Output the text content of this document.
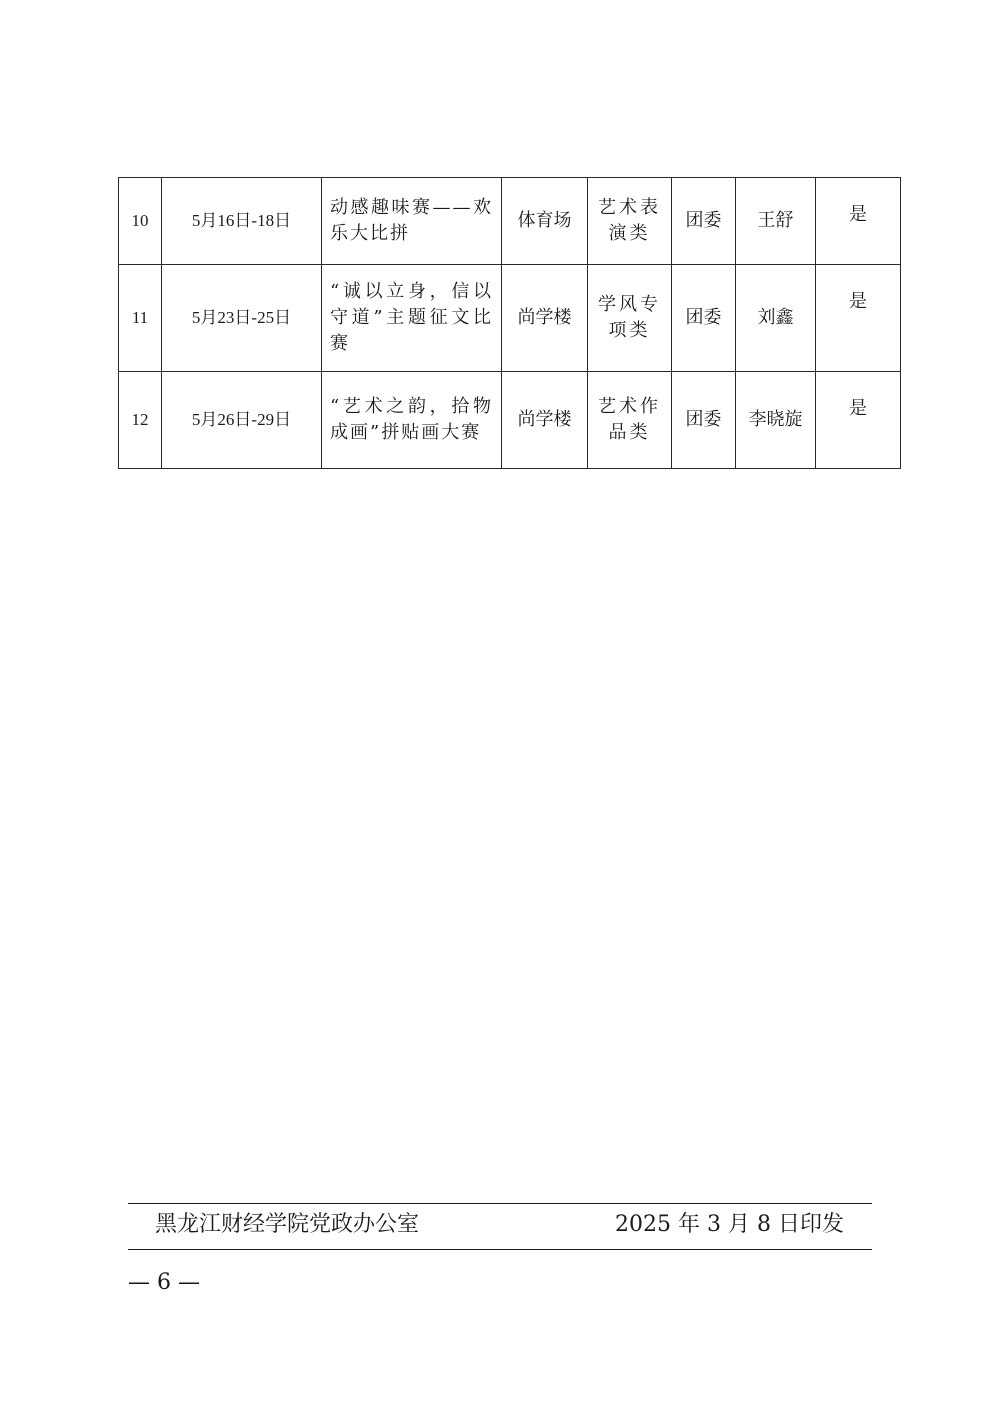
10	5月16日-18日	动感趣味赛——欢乐大比拼	体育场	艺术表演类	团委	王舒	是
11	5月23日-25日	“诚以立身，信以守道”主题征文比赛	尚学楼	学风专项类	团委	刘鑫	是
12	5月26日-29日	“艺术之韵，拾物成画”拼贴画大赛	尚学楼	艺术作品类	团委	李晓旋	是
黑龙江财经学院党政办公室	2025 年 3 月 8 日印发
— 6 —
